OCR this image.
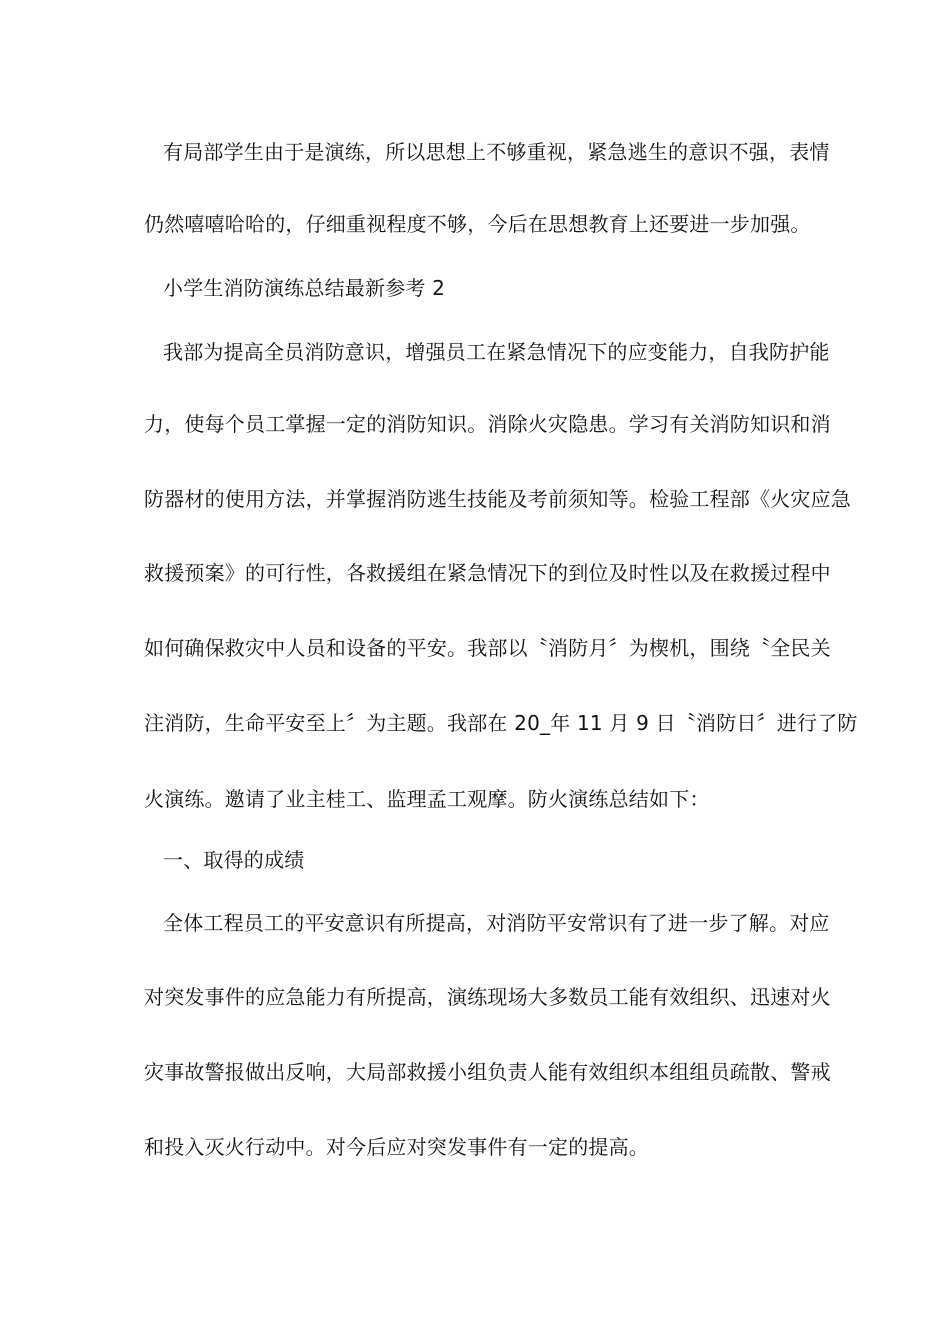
有局部学生由于是演练，所以思想上不够重视，紧急逃生的意识不强，表情
仍然嘻嘻哈哈的，仔细重视程度不够，今后在思想教育上还要进一步加强。
小学生消防演练总结最新参考 2
我部为提高全员消防意识，增强员工在紧急情况下的应变能力，自我防护能
力，使每个员工掌握一定的消防知识。消除火灾隐患。学习有关消防知识和消
防器材的使用方法，并掌握消防逃生技能及考前须知等。检验工程部《火灾应急
救援预案》的可行性，各救援组在紧急情况下的到位及时性以及在救援过程中
如何确保救灾中人员和设备的平安。我部以〝消防月〞为楔机，围绕〝全民关
注消防，生命平安至上〞为主题。我部在 20_年 11 月 9 日〝消防日〞进行了防
火演练。邀请了业主桂工、监理孟工观摩。防火演练总结如下：
一、取得的成绩
全体工程员工的平安意识有所提高，对消防平安常识有了进一步了解。对应
对突发事件的应急能力有所提高，演练现场大多数员工能有效组织、迅速对火
灾事故警报做出反响，大局部救援小组负责人能有效组织本组组员疏散、警戒
和投入灭火行动中。对今后应对突发事件有一定的提高。
